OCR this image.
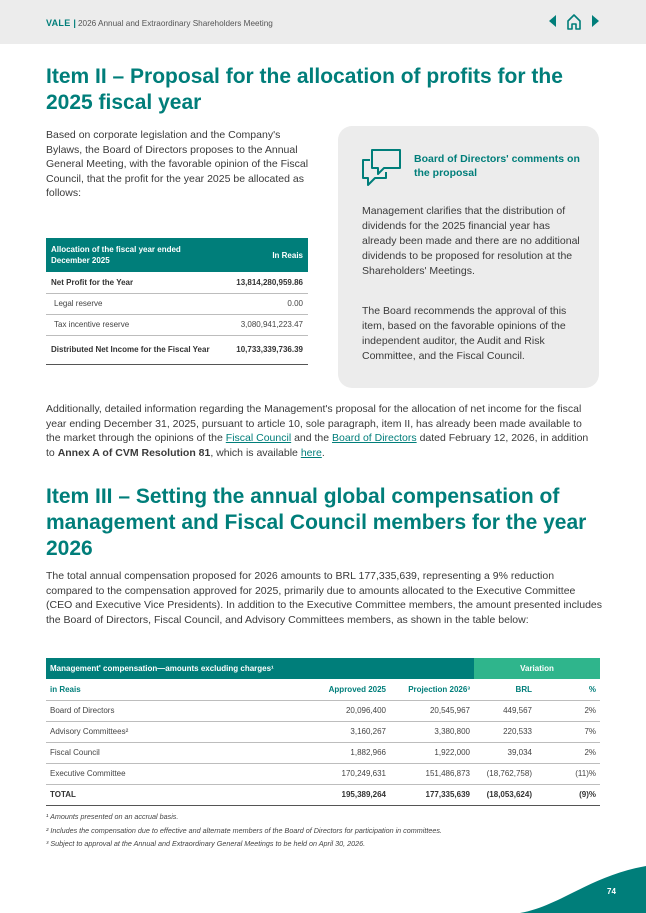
VALE | 2026 Annual and Extraordinary Shareholders Meeting
Item II – Proposal for the allocation of profits for the 2025 fiscal year

Based on corporate legislation and the Company's Bylaws, the Board of Directors proposes to the Annual General Meeting, with the favorable opinion of the Fiscal Council, that the profit for the year 2025 be allocated as follows:

Allocation of the fiscal year ended December 2025	In Reais
Net Profit for the Year	13,814,280,959.86
Legal reserve	0.00
Tax incentive reserve	3,080,941,223.47
Distributed Net Income for the Fiscal Year	10,733,339,736.39
Board of Directors' comments on the proposal

Management clarifies that the distribution of dividends for the 2025 financial year has already been made and there are no additional dividends to be proposed for resolution at the Shareholders' Meetings.

The Board recommends the approval of this item, based on the favorable opinions of the independent auditor, the Audit and Risk Committee, and the Fiscal Council.

Additionally, detailed information regarding the Management's proposal for the allocation of net income for the fiscal year ending December 31, 2025, pursuant to article 10, sole paragraph, item II, has already been made available to the market through the opinions of the Fiscal Council and the Board of Directors dated February 12, 2026, in addition to Annex A of CVM Resolution 81, which is available here.

Item III – Setting the annual global compensation of management and Fiscal Council members for the year 2026

The total annual compensation proposed for 2026 amounts to BRL 177,335,639, representing a 9% reduction compared to the compensation approved for 2025, primarily due to amounts allocated to the Executive Committee (CEO and Executive Vice Presidents). In addition to the Executive Committee members, the amount presented includes the Board of Directors, Fiscal Council, and Advisory Committees members, as shown in the table below:

Management' compensation—amounts excluding charges¹			Variation	
in Reais	Approved 2025	Projection 2026³	BRL	%
Board of Directors	20,096,400	20,545,967	449,567	2%
Advisory Committees²	3,160,267	3,380,800	220,533	7%
Fiscal Council	1,882,966	1,922,000	39,034	2%
Executive Committee	170,249,631	151,486,873	(18,762,758)	(11)%
TOTAL	195,389,264	177,335,639	(18,053,624)	(9)%

¹ Amounts presented on an accrual basis.

² Includes the compensation due to effective and alternate members of the Board of Directors for participation in committees.

³ Subject to approval at the Annual and Extraordinary General Meetings to be held on April 30, 2026.

74
